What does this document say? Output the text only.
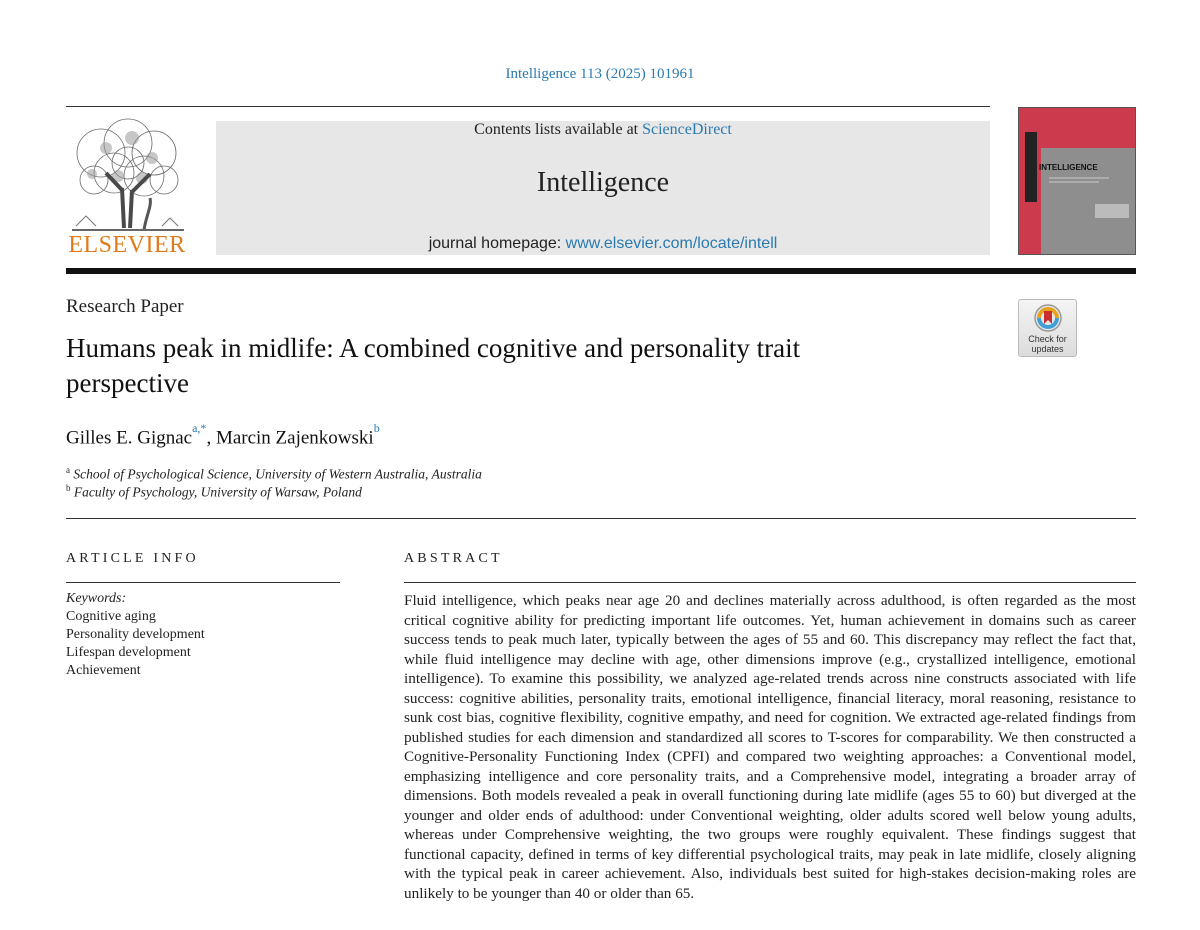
Intelligence 113 (2025) 101961
ELSEVIER
Contents lists available at ScienceDirect
Intelligence
journal homepage: www.elsevier.com/locate/intell
INTELLIGENCE
Research Paper
Humans peak in midlife: A combined cognitive and personality trait perspective
Check for updates
Gilles E. Gignac$^{a,*}$, Marcin Zajenkowski$^b$
$^a$ School of Psychological Science, University of Western Australia, Australia
$^b$ Faculty of Psychology, University of Warsaw, Poland
ARTICLE INFO
Keywords:
Cognitive aging
Personality development
Lifespan development
Achievement
ABSTRACT
Fluid intelligence, which peaks near age 20 and declines materially across adulthood, is often regarded as the most critical cognitive ability for predicting important life outcomes. Yet, human achievement in domains such as career success tends to peak much later, typically between the ages of 55 and 60. This discrepancy may reflect the fact that, while fluid intelligence may decline with age, other dimensions improve (e.g., crystallized intelligence, emotional intelligence). To examine this possibility, we analyzed age-related trends across nine constructs associated with life success: cognitive abilities, personality traits, emotional intelligence, financial literacy, moral reasoning, resistance to sunk cost bias, cognitive flexibility, cognitive empathy, and need for cognition. We extracted age-related findings from published studies for each dimension and standardized all scores to T-scores for comparability. We then constructed a Cognitive-Personality Functioning Index (CPFI) and compared two weighting approaches: a Conventional model, emphasizing intelligence and core personality traits, and a Comprehensive model, integrating a broader array of dimensions. Both models revealed a peak in overall functioning during late midlife (ages 55 to 60) but diverged at the younger and older ends of adulthood: under Conventional weighting, older adults scored well below young adults, whereas under Comprehensive weighting, the two groups were roughly equivalent. These findings suggest that functional capacity, defined in terms of key differential psychological traits, may peak in late midlife, closely aligning with the typical peak in career achievement. Also, individuals best suited for high-stakes decision-making roles are unlikely to be younger than 40 or older than 65.
